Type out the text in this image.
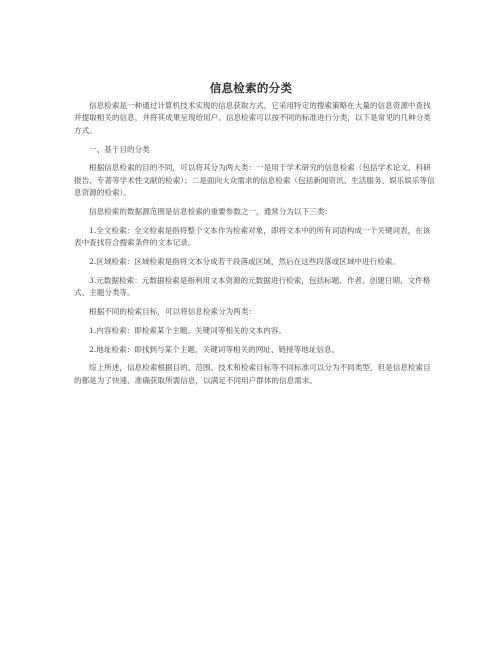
信息检索的分类

信息检索是一种通过计算机技术实现的信息获取方式，它采用特定的搜索策略在大量的信息资源中查找并提取相关的信息，并将其成果呈现给用户。信息检索可以按不同的标准进行分类，以下是常见的几种分类方式。

一、基于目的分类

根据信息检索的目的不同，可以将其分为两大类：一是用于学术研究的信息检索（包括学术论文、科研报告、专著等学术性文献的检索）；二是面向大众需求的信息检索（包括新闻资讯、生活服务、娱乐娱乐等信息资源的检索）。

信息检索的数据源范围是信息检索的重要参数之一，通常分为以下三类：

1.全文检索：全文检索是指将整个文本作为检索对象，即将文本中的所有词语构成一个关键词表，在该表中查找符合搜索条件的文本记录。

2.区域检索：区域检索是指将文本分成若干段落或区域，然后在这些段落或区域中进行检索。

3.元数据检索：元数据检索是指利用文本资源的元数据进行检索，包括标题、作者、创建日期、文件格式、主题分类等。

根据不同的检索目标，可以将信息检索分为两类：

1.内容检索：即检索某个主题、关键词等相关的文本内容。

2.地址检索：即找到与某个主题、关键词等相关的网址、链接等地址信息。

综上所述，信息检索根据目的、范围、技术和检索目标等不同标准可以分为不同类型，但是信息检索目的都是为了快速、准确获取所需信息，以满足不同用户群体的信息需求。
